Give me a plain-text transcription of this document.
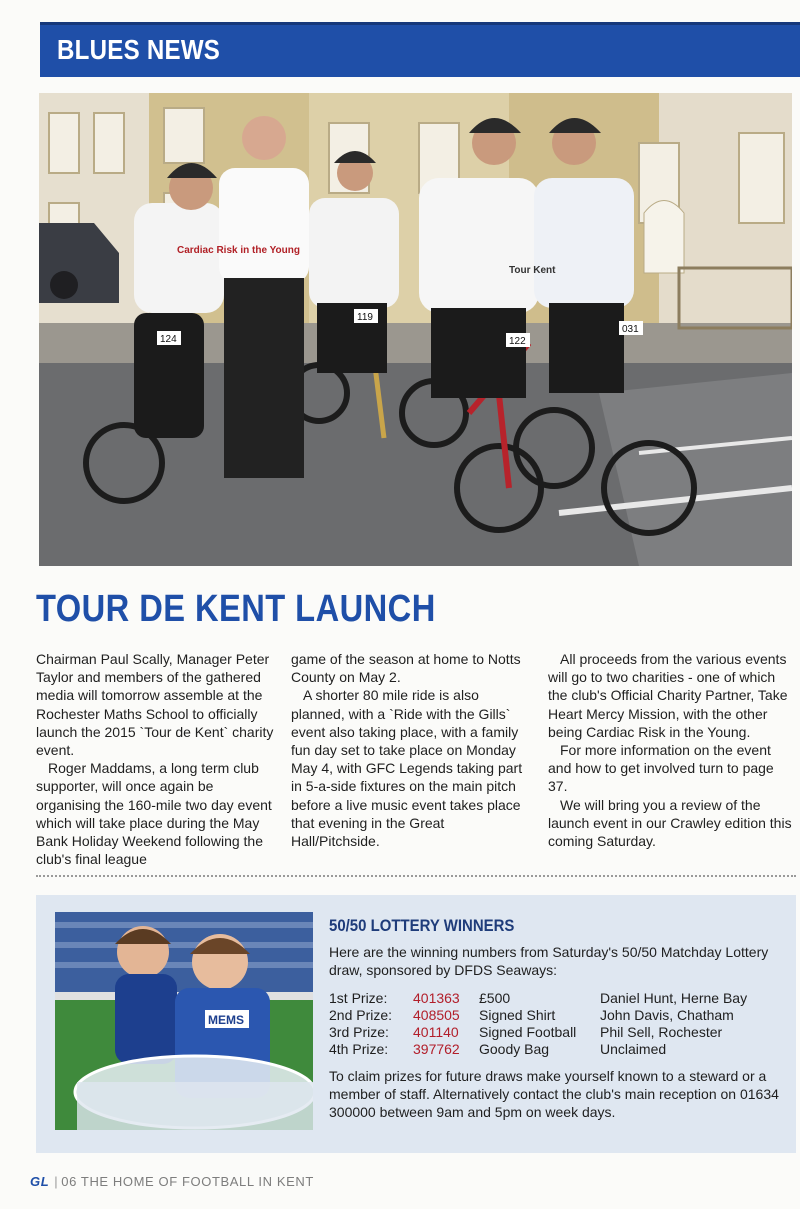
BLUES NEWS
Cardiac Risk in the Young
Tour Kent
124
119
122
031
TOUR DE KENT LAUNCH

Chairman Paul Scally, Manager Peter Taylor and members of the gathered media will tomorrow assemble at the Rochester Maths School to officially launch the 2015 `Tour de Kent` charity event.

Roger Maddams, a long term club supporter, will once again be organising the 160-mile two day event which will take place during the May Bank Holiday Weekend following the club's final league

game of the season at home to Notts County on May 2.

A shorter 80 mile ride is also planned, with a `Ride with the Gills` event also taking place, with a family fun day set to take place on Monday May 4, with GFC Legends taking part in 5-a-side fixtures on the main pitch before a live music event takes place that evening in the Great Hall/Pitchside.

All proceeds from the various events will go to two charities - one of which the club's Official Charity Partner, Take Heart Mercy Mission, with the other being Cardiac Risk in the Young.

For more information on the event and how to get involved turn to page 37.

We will bring you a review of the launch event in our Crawley edition this coming Saturday.

MEMS
50/50 LOTTERY WINNERS

Here are the winning numbers from Saturday's 50/50 Matchday Lottery draw, sponsored by DFDS Seaways:

1st Prize: 401363 £500	Daniel Hunt, Herne Bay
2nd Prize: 408505 Signed Shirt	John Davis, Chatham
3rd Prize: 401140 Signed Football Phil Sell, Rochester
4th Prize: 397762 Goody Bag	Unclaimed

To claim prizes for future draws make yourself known to a steward or a member of staff. Alternatively contact the club's main reception on 01634 300000 between 9am and 5pm on week days.

GL | 06 THE HOME OF FOOTBALL IN KENT
